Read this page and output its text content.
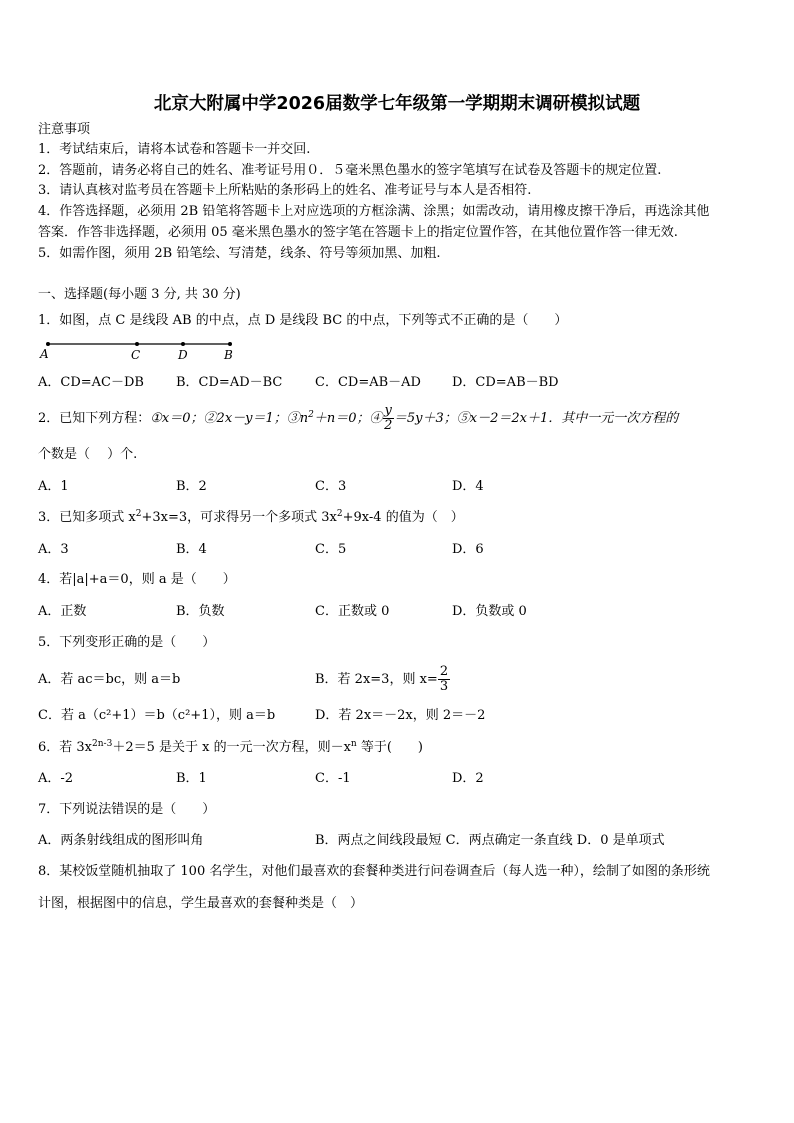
北京大附属中学2026届数学七年级第一学期期末调研模拟试题
注意事项
1．考试结束后，请将本试卷和答题卡一并交回.
2．答题前，请务必将自己的姓名、准考证号用０．５毫米黑色墨水的签字笔填写在试卷及答题卡的规定位置.
3．请认真核对监考员在答题卡上所粘贴的条形码上的姓名、准考证号与本人是否相符.
4．作答选择题，必须用 2B 铅笔将答题卡上对应选项的方框涂满、涂黑；如需改动，请用橡皮擦干净后，再选涂其他
答案．作答非选择题，必须用 05 毫米黑色墨水的签字笔在答题卡上的指定位置作答，在其他位置作答一律无效.
5．如需作图，须用 2B 铅笔绘、写清楚，线条、符号等须加黑、加粗.
一、选择题(每小题 3 分, 共 30 分)
1．如图，点 C 是线段 AB 的中点，点 D 是线段 BC 的中点，下列等式不正确的是（　　）
A	C	D	B
A．CD=AC－DB B．CD=AD－BC	C．CD=AB－AD D．CD=AB－BD
2．已知下列方程：①x＝0；②2x－y＝1；$③n^2+n=0$；④ $\frac{y}{2} =5y+3$；⑤x－2＝2x＋1．其中一元一次方程的
个数是（　 ）个.
A．1	B．2	C．3	D．4
3．已知多项式 $x^2+3x=3$，可求得另一个多项式 $3x^2+9x-4$ 的值为（　）
A．3	B．4	C．5	D．6
4．若|a|+a＝0，则 a 是（　　）
A．正数	B．负数	C．正数或 0	D．负数或 0
5．下列变形正确的是（　　）
A．若 ac＝bc，则 a＝b	B．若 2x=3，则 $x= \frac{2}{3}$
C．若 a（c²+1）＝b（c²+1），则 a＝b	D．若 2x＝－2x，则 2＝－2
6．若 $3x^{2n-3}+2=5$ 是关于 x 的一元一次方程，则$-x^n$ 等于(　　)
A．-2	B．1	C．-1	D．2
7．下列说法错误的是（　　）
A．两条射线组成的图形叫角	B．两点之间线段最短 C．两点确定一条直线 D．0 是单项式
8．某校饭堂随机抽取了 100 名学生，对他们最喜欢的套餐种类进行问卷调查后（每人选一种），绘制了如图的条形统
计图，根据图中的信息，学生最喜欢的套餐种类是（　）
